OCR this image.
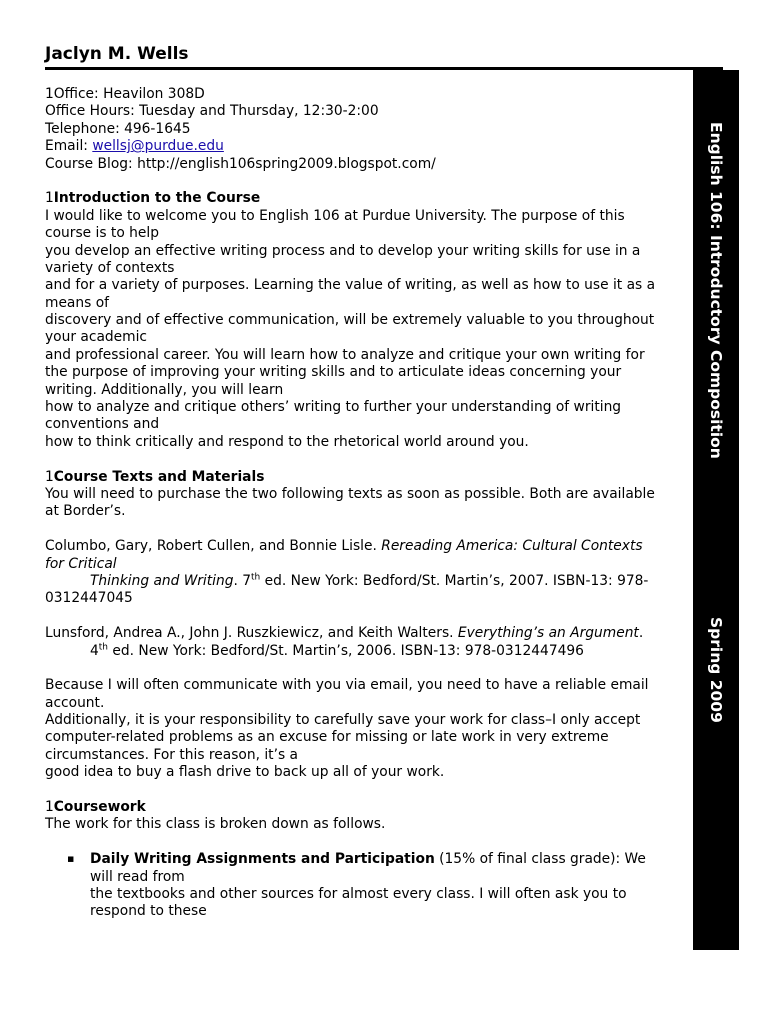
Jaclyn M. Wells
English 106: Introductory Composition
Spring 2009
1Office: Heavilon 308D
Office Hours: Tuesday and Thursday, 12:30-2:00
Telephone: 496-1645
Email: wellsj@purdue.edu
Course Blog: http://english106spring2009.blogspot.com/
1Introduction to the Course
I would like to welcome you to English 106 at Purdue University. The purpose of this
course is to help
you develop an effective writing process and to develop your writing skills for use in a
variety of contexts
and for a variety of purposes. Learning the value of writing, as well as how to use it as a
means of
discovery and of effective communication, will be extremely valuable to you throughout
your academic
and professional career. You will learn how to analyze and critique your own writing for
the purpose of improving your writing skills and to articulate ideas concerning your
writing. Additionally, you will learn
how to analyze and critique others’ writing to further your understanding of writing
conventions and
how to think critically and respond to the rhetorical world around you.
1Course Texts and Materials
You will need to purchase the two following texts as soon as possible. Both are available
at Border’s.
Columbo, Gary, Robert Cullen, and Bonnie Lisle. Rereading America: Cultural Contexts
for Critical
Thinking and Writing. 7th ed. New York: Bedford/St. Martin’s, 2007. ISBN-13: 978-
0312447045
Lunsford, Andrea A., John J. Ruszkiewicz, and Keith Walters. Everything’s an Argument.
4th ed. New York: Bedford/St. Martin’s, 2006. ISBN-13: 978-0312447496
Because I will often communicate with you via email, you need to have a reliable email
account.
Additionally, it is your responsibility to carefully save your work for class–I only accept
computer-related problems as an excuse for missing or late work in very extreme
circumstances. For this reason, it’s a
good idea to buy a flash drive to back up all of your work.
1Coursework
The work for this class is broken down as follows.
▪ Daily Writing Assignments and Participation (15% of final class grade): We
will read from
the textbooks and other sources for almost every class. I will often ask you to
respond to these
